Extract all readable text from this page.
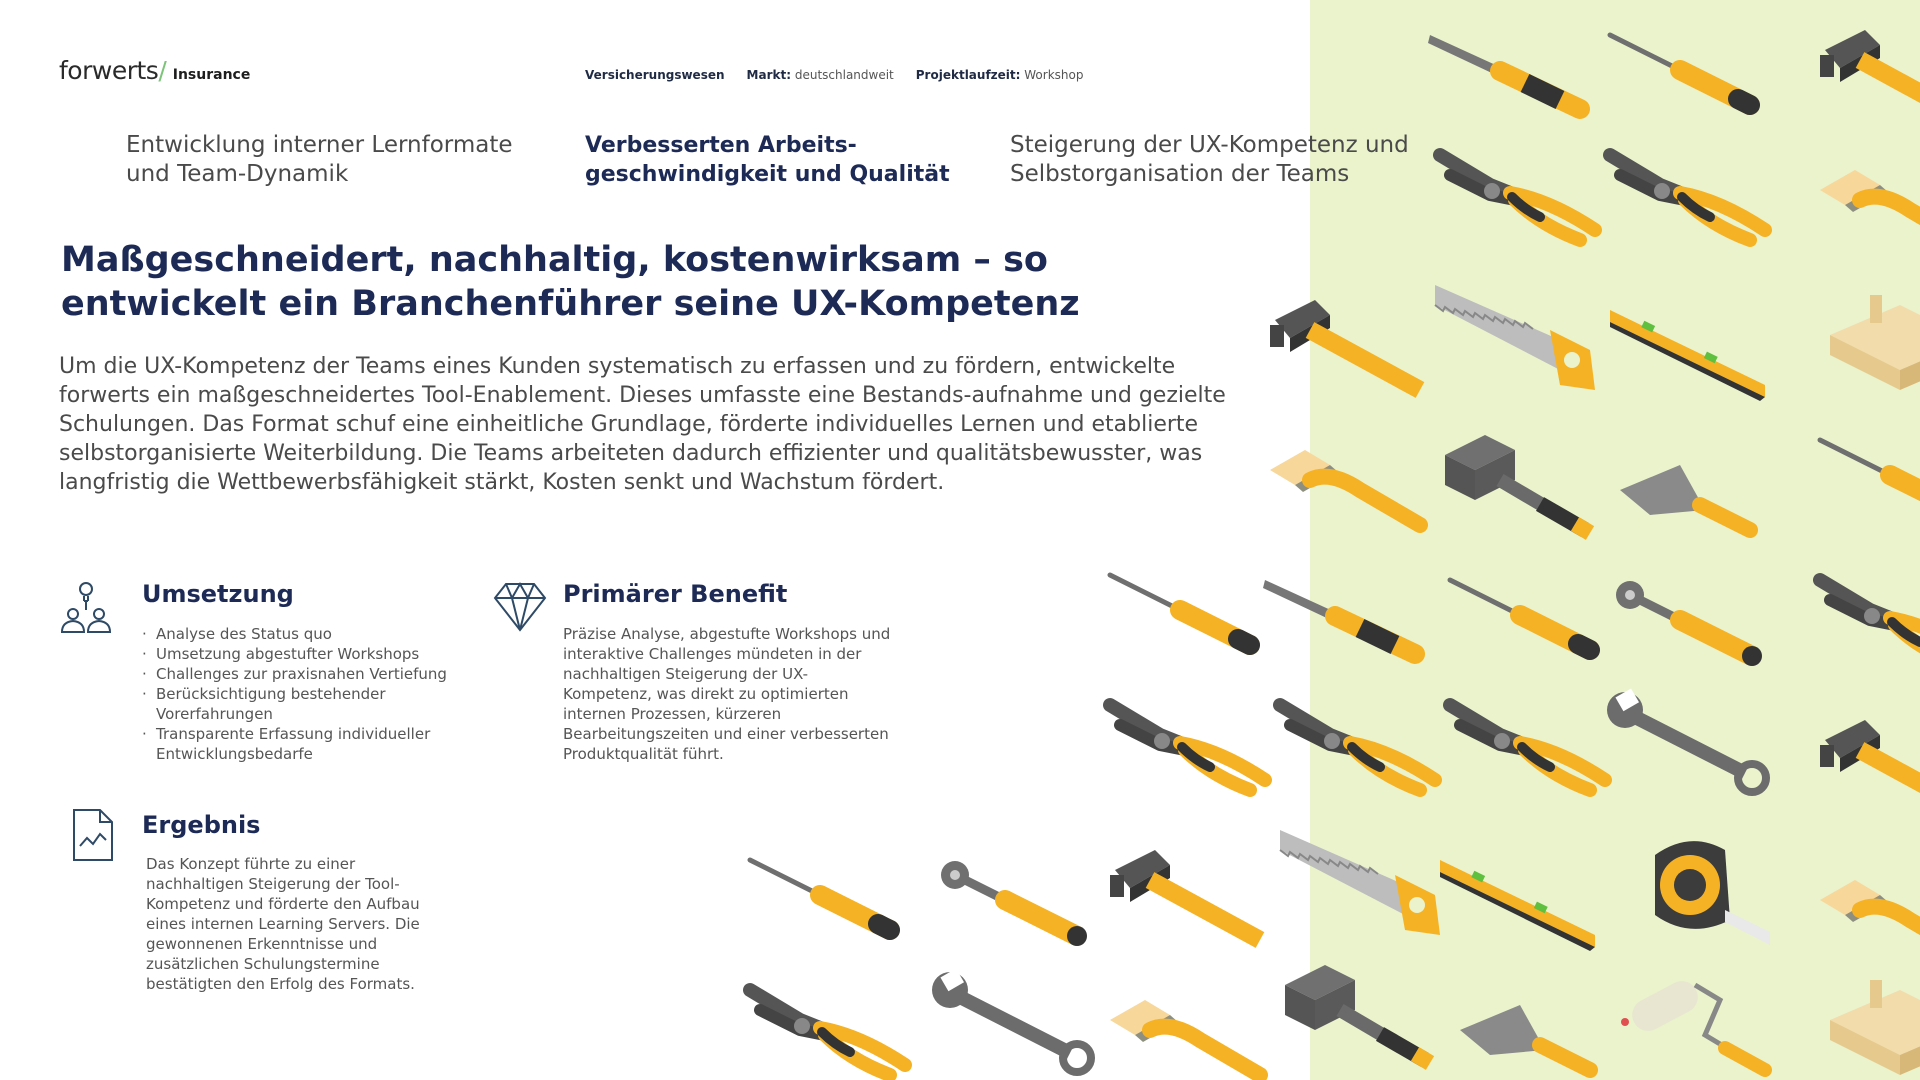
forwerts / Insurance	Versicherungswesen Markt: deutschlandweit Projektlaufzeit: Workshop
Entwicklung interner Lernformate und Team-Dynamik
Verbesserten Arbeits-geschwindigkeit und Qualität
Steigerung der UX-Kompetenz und Selbstorganisation der Teams
Maßgeschneidert, nachhaltig, kostenwirksam – so entwickelt ein Branchenführer seine UX-Kompetenz

Um die UX-Kompetenz der Teams eines Kunden systematisch zu erfassen und zu fördern, entwickelte forwerts ein maßgeschneidertes Tool-Enablement. Dieses umfasste eine Bestands-aufnahme und gezielte Schulungen. Das Format schuf eine einheitliche Grundlage, förderte individuelles Lernen und etablierte selbstorganisierte Weiterbildung. Die Teams arbeiteten dadurch effizienter und qualitätsbewusster, was langfristig die Wettbewerbsfähigkeit stärkt, Kosten senkt und Wachstum fördert.

Umsetzung
· Analyse des Status quo
· Umsetzung abgestufter Workshops
· Challenges zur praxisnahen Vertiefung
· Berücksichtigung bestehender Vorerfahrungen
· Transparente Erfassung individueller Entwicklungsbedarfe
Primärer Benefit

Präzise Analyse, abgestufte Workshops und interaktive Challenges mündeten in der nachhaltigen Steigerung der UX-Kompetenz, was direkt zu optimierten internen Prozessen, kürzeren Bearbeitungszeiten und einer verbesserten Produktqualität führt.

Ergebnis

Das Konzept führte zu einer nachhaltigen Steigerung der Tool-Kompetenz und förderte den Aufbau eines internen Learning Servers. Die gewonnenen Erkenntnisse und zusätzlichen Schulungstermine bestätigten den Erfolg des Formats.
